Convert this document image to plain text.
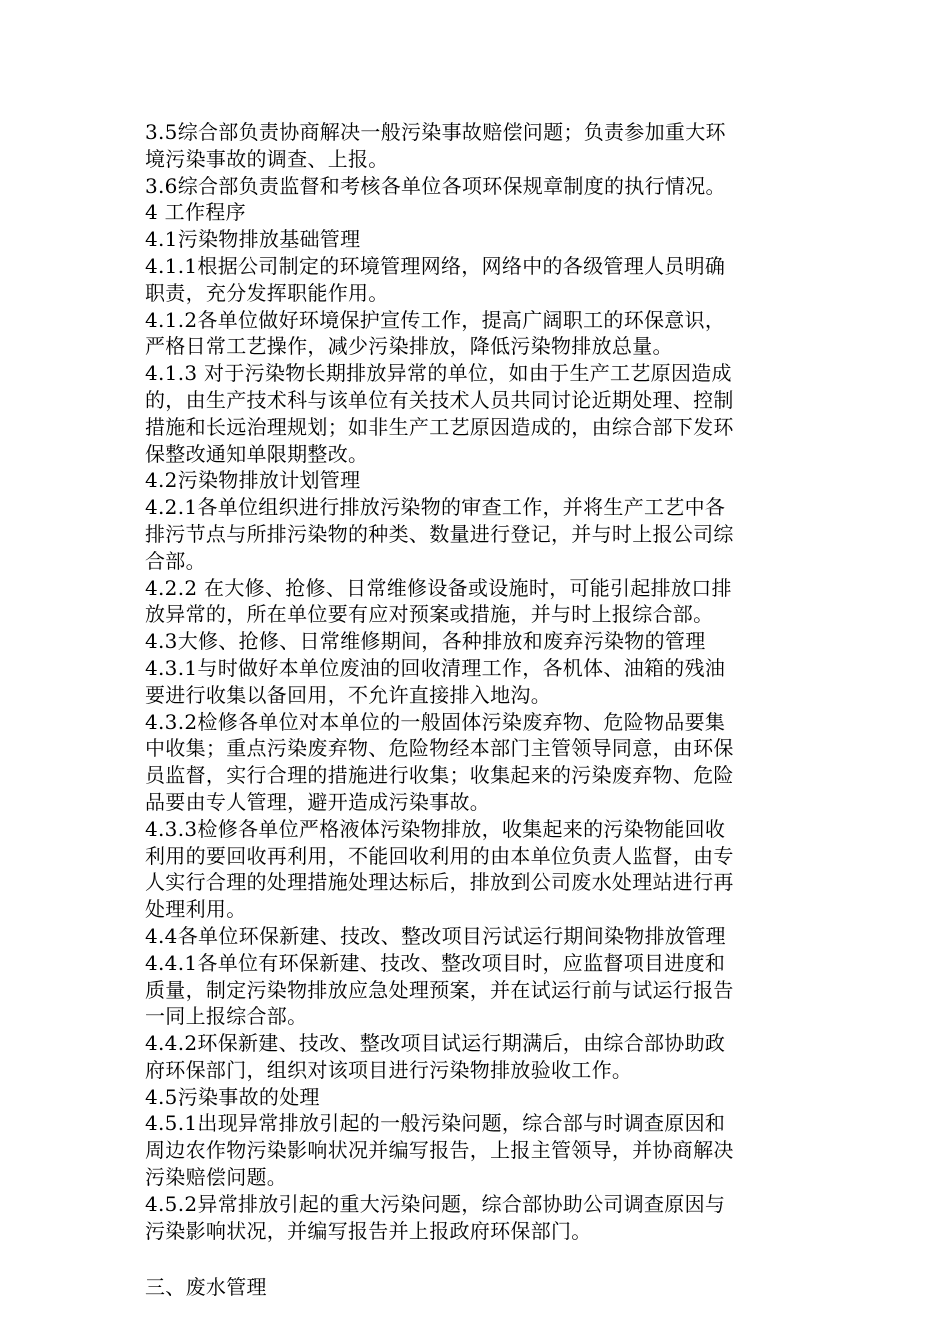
3.5综合部负责协商解决一般污染事故赔偿问题；负责参加重大环
境污染事故的调查、上报。
3.6综合部负责监督和考核各单位各项环保规章制度的执行情况。
4 工作程序
4.1污染物排放基础管理
4.1.1根据公司制定的环境管理网络，网络中的各级管理人员明确
职责，充分发挥职能作用。
4.1.2各单位做好环境保护宣传工作，提高广阔职工的环保意识，
严格日常工艺操作，减少污染排放，降低污染物排放总量。
4.1.3 对于污染物长期排放异常的单位，如由于生产工艺原因造成
的，由生产技术科与该单位有关技术人员共同讨论近期处理、控制
措施和长远治理规划；如非生产工艺原因造成的，由综合部下发环
保整改通知单限期整改。
4.2污染物排放计划管理
4.2.1各单位组织进行排放污染物的审查工作，并将生产工艺中各
排污节点与所排污染物的种类、数量进行登记，并与时上报公司综
合部。
4.2.2 在大修、抢修、日常维修设备或设施时，可能引起排放口排
放异常的，所在单位要有应对预案或措施，并与时上报综合部。
4.3大修、抢修、日常维修期间，各种排放和废弃污染物的管理
4.3.1与时做好本单位废油的回收清理工作，各机体、油箱的残油
要进行收集以备回用，不允许直接排入地沟。
4.3.2检修各单位对本单位的一般固体污染废弃物、危险物品要集
中收集；重点污染废弃物、危险物经本部门主管领导同意，由环保
员监督，实行合理的措施进行收集；收集起来的污染废弃物、危险
品要由专人管理，避开造成污染事故。
4.3.3检修各单位严格液体污染物排放，收集起来的污染物能回收
利用的要回收再利用，不能回收利用的由本单位负责人监督，由专
人实行合理的处理措施处理达标后，排放到公司废水处理站进行再
处理利用。
4.4各单位环保新建、技改、整改项目污试运行期间染物排放管理
4.4.1各单位有环保新建、技改、整改项目时，应监督项目进度和
质量，制定污染物排放应急处理预案，并在试运行前与试运行报告
一同上报综合部。
4.4.2环保新建、技改、整改项目试运行期满后，由综合部协助政
府环保部门，组织对该项目进行污染物排放验收工作。
4.5污染事故的处理
4.5.1出现异常排放引起的一般污染问题，综合部与时调查原因和
周边农作物污染影响状况并编写报告，上报主管领导，并协商解决
污染赔偿问题。
4.5.2异常排放引起的重大污染问题，综合部协助公司调查原因与
污染影响状况，并编写报告并上报政府环保部门。
三、废水管理
